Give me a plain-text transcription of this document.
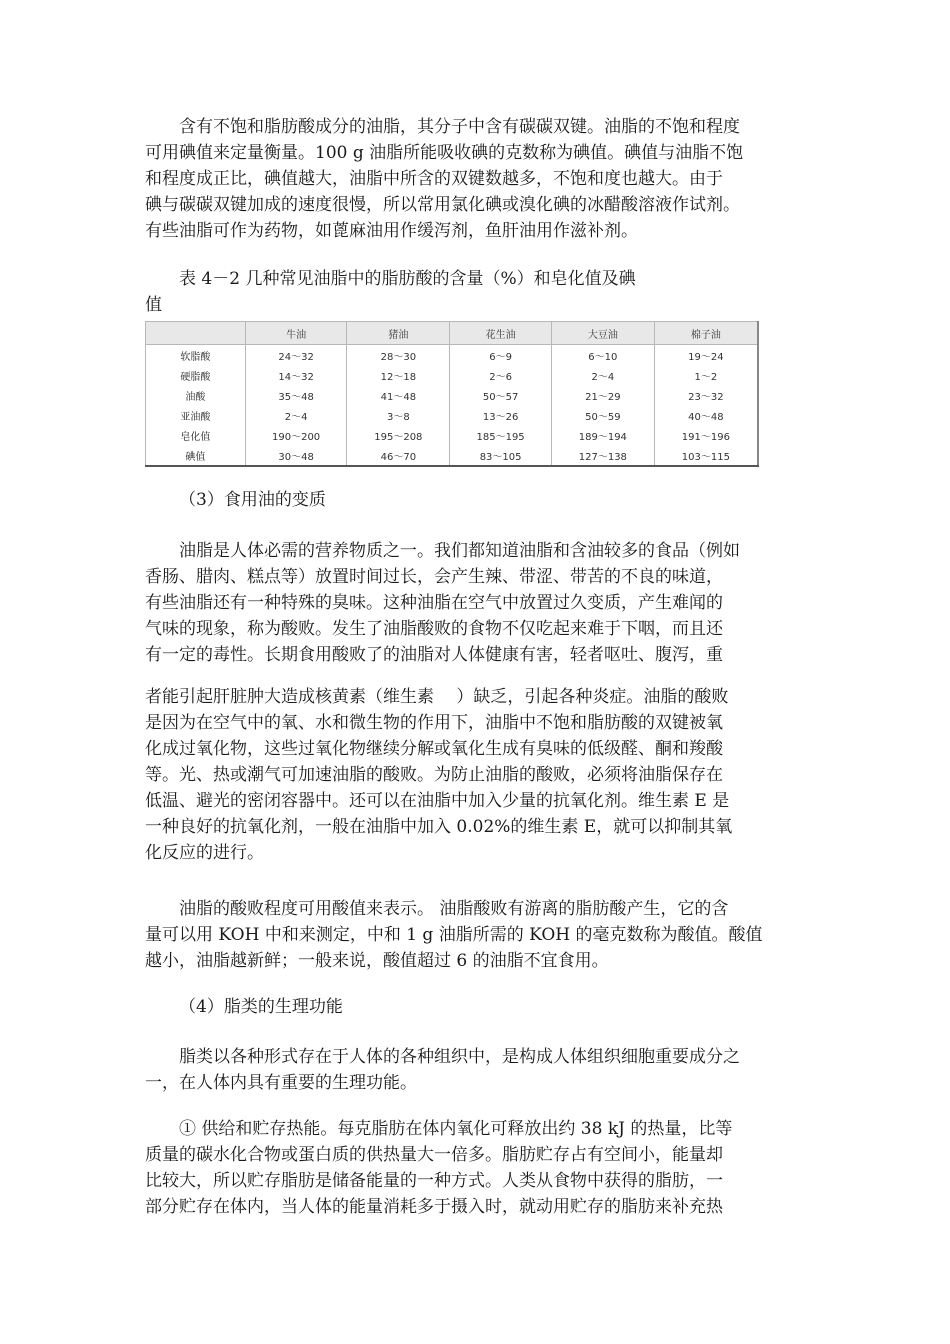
含有不饱和脂肪酸成分的油脂，其分子中含有碳碳双键。油脂的不饱和程度
可用碘值来定量衡量。100 g 油脂所能吸收碘的克数称为碘值。碘值与油脂不饱
和程度成正比，碘值越大，油脂中所含的双键数越多，不饱和度也越大。由于
碘与碳碳双键加成的速度很慢，所以常用氯化碘或溴化碘的冰醋酸溶液作试剂。
有些油脂可作为药物，如蓖麻油用作缓泻剂，鱼肝油用作滋补剂。
表 4－2 几种常见油脂中的脂肪酸的含量（%）和皂化值及碘
值
	牛油	猪油	花生油	大豆油	棉子油
软脂酸	24～32	28～30	6～9	6～10	19～24
硬脂酸	14～32	12～18	2～6	2～4	1～2
油酸	35～48	41～48	50～57	21～29	23～32
亚油酸	2～4	3～8	13～26	50～59	40～48
皂化值	190～200	195～208	185～195	189～194	191～196
碘值	30～48	46～70	83～105	127～138	103～115

（3）食用油的变质

油脂是人体必需的营养物质之一。我们都知道油脂和含油较多的食品（例如
香肠、腊肉、糕点等）放置时间过长，会产生辣、带涩、带苦的不良的味道，
有些油脂还有一种特殊的臭味。这种油脂在空气中放置过久变质，产生难闻的
气味的现象，称为酸败。发生了油脂酸败的食物不仅吃起来难于下咽，而且还
有一定的毒性。长期食用酸败了的油脂对人体健康有害，轻者呕吐、腹泻，重
者能引起肝脏肿大造成核黄素（维生素　 ）缺乏，引起各种炎症。油脂的酸败
是因为在空气中的氧、水和微生物的作用下，油脂中不饱和脂肪酸的双键被氧
化成过氧化物，这些过氧化物继续分解或氧化生成有臭味的低级醛、酮和羧酸
等。光、热或潮气可加速油脂的酸败。为防止油脂的酸败，必须将油脂保存在
低温、避光的密闭容器中。还可以在油脂中加入少量的抗氧化剂。维生素 E 是
一种良好的抗氧化剂，一般在油脂中加入 0.02%的维生素 E，就可以抑制其氧
化反应的进行。
油脂的酸败程度可用酸值来表示。 油脂酸败有游离的脂肪酸产生，它的含
量可以用 KOH 中和来测定，中和 1 g 油脂所需的 KOH 的毫克数称为酸值。酸值
越小，油脂越新鲜；一般来说，酸值超过 6 的油脂不宜食用。

（4）脂类的生理功能

脂类以各种形式存在于人体的各种组织中，是构成人体组织细胞重要成分之
一，在人体内具有重要的生理功能。
① 供给和贮存热能。每克脂肪在体内氧化可释放出约 38 kJ 的热量，比等
质量的碳水化合物或蛋白质的供热量大一倍多。脂肪贮存占有空间小，能量却
比较大，所以贮存脂肪是储备能量的一种方式。人类从食物中获得的脂肪，一
部分贮存在体内，当人体的能量消耗多于摄入时，就动用贮存的脂肪来补充热
